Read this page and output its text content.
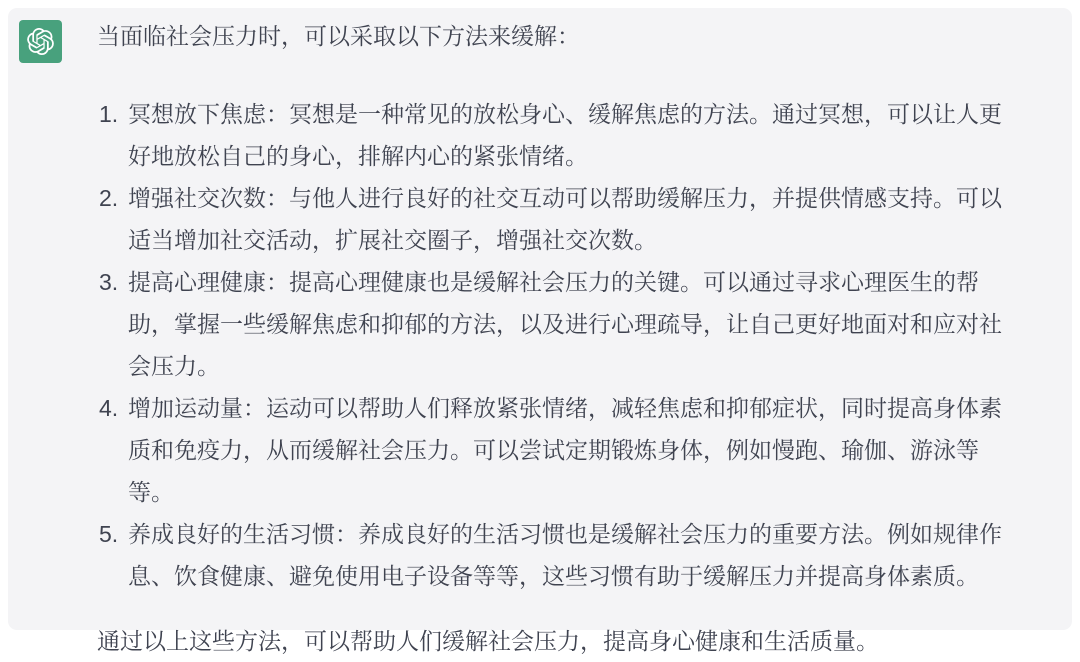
当面临社会压力时，可以采取以下方法来缓解：

1. 冥想放下焦虑：冥想是一种常见的放松身心、缓解焦虑的方法。通过冥想，可以让人更好地放松自己的身心，排解内心的紧张情绪。
2. 增强社交次数：与他人进行良好的社交互动可以帮助缓解压力，并提供情感支持。可以适当增加社交活动，扩展社交圈子，增强社交次数。
3. 提高心理健康：提高心理健康也是缓解社会压力的关键。可以通过寻求心理医生的帮助，掌握一些缓解焦虑和抑郁的方法，以及进行心理疏导，让自己更好地面对和应对社会压力。
4. 增加运动量：运动可以帮助人们释放紧张情绪，减轻焦虑和抑郁症状，同时提高身体素质和免疫力，从而缓解社会压力。可以尝试定期锻炼身体，例如慢跑、瑜伽、游泳等等。
5. 养成良好的生活习惯：养成良好的生活习惯也是缓解社会压力的重要方法。例如规律作息、饮食健康、避免使用电子设备等等，这些习惯有助于缓解压力并提高身体素质。

通过以上这些方法，可以帮助人们缓解社会压力，提高身心健康和生活质量。
